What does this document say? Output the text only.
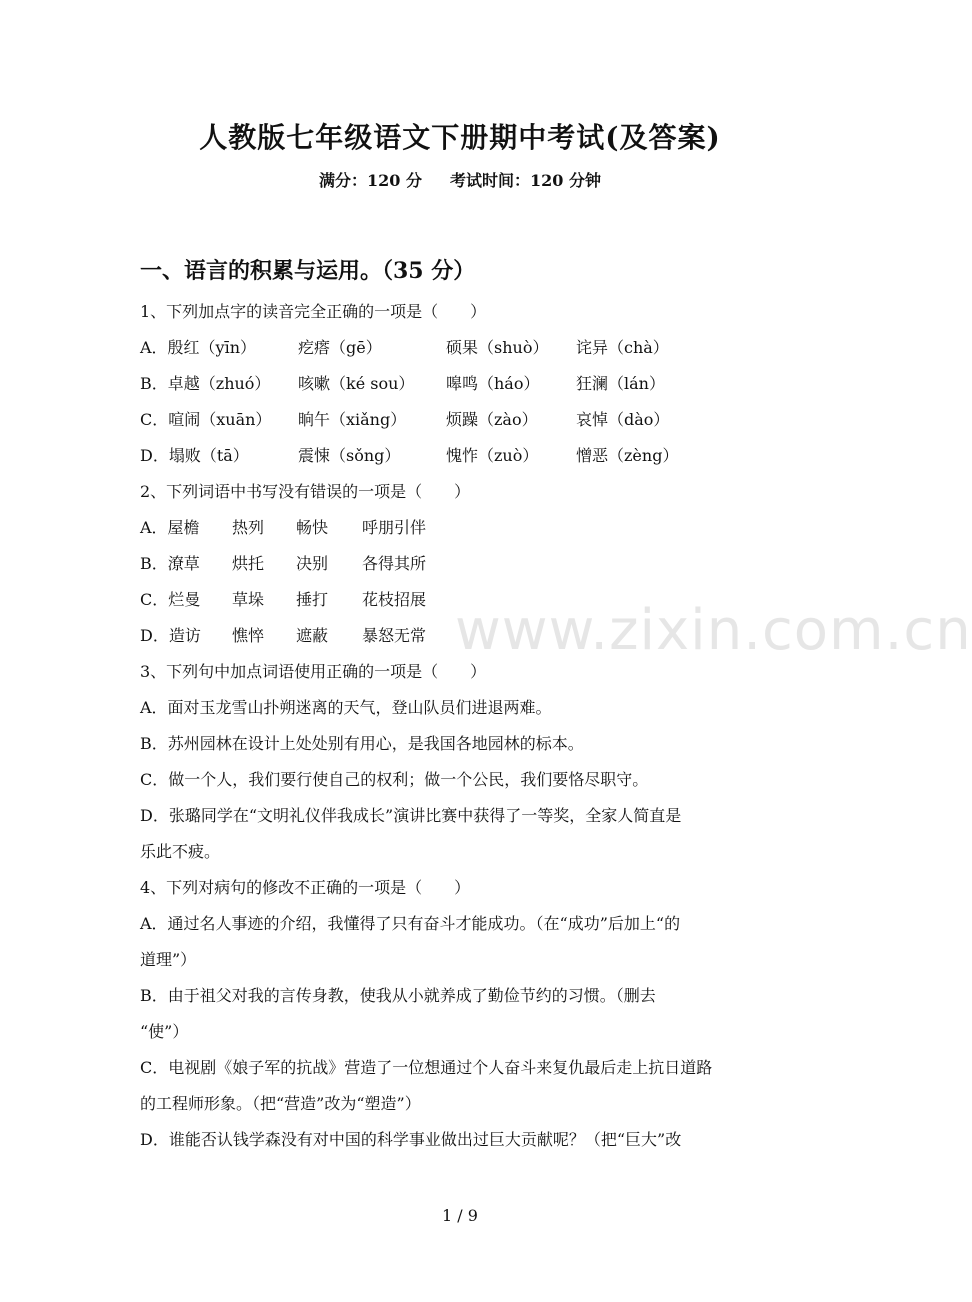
www.zixin.com.cn
人教版七年级语文下册期中考试(及答案)
满分：120 分 考试时间：120 分钟
一、语言的积累与运用。（35 分）
1、下列加点字的读音完全正确的一项是（　　）
A．殷红（yīn）	疙瘩（gē）	硕果（shuò） 诧异（chà）
B．卓越（zhuó） 咳嗽（ké sou） 嗥鸣（háo） 狂澜（lán）
C．喧闹（xuān） 晌午（xiǎng） 烦躁（zào） 哀悼（dào）
D．塌败（tā）	震悚（sǒng）	愧怍（zuò） 憎恶（zèng）
2、下列词语中书写没有错误的一项是（　　）
A．屋檐 热列 畅快 呼朋引伴
B．潦草 烘托 决别 各得其所
C．烂曼 草垛 捶打 花枝招展
D．造访 憔悴 遮蔽 暴怒无常
3、下列句中加点词语使用正确的一项是（　　）
A．面对玉龙雪山扑朔迷离的天气，登山队员们进退两难。
B．苏州园林在设计上处处别有用心，是我国各地园林的标本。
C．做一个人，我们要行使自己的权利；做一个公民，我们要恪尽职守。
D．张璐同学在“文明礼仪伴我成长”演讲比赛中获得了一等奖，全家人简直是
乐此不疲。
4、下列对病句的修改不正确的一项是（　　）
A．通过名人事迹的介绍，我懂得了只有奋斗才能成功。（在“成功”后加上“的
道理”）
B．由于祖父对我的言传身教，使我从小就养成了勤俭节约的习惯。（删去
“使”）
C．电视剧《娘子军的抗战》营造了一位想通过个人奋斗来复仇最后走上抗日道路
的工程师形象。（把“营造”改为“塑造”）
D．谁能否认钱学森没有对中国的科学事业做出过巨大贡献呢？（把“巨大”改
1 / 9
